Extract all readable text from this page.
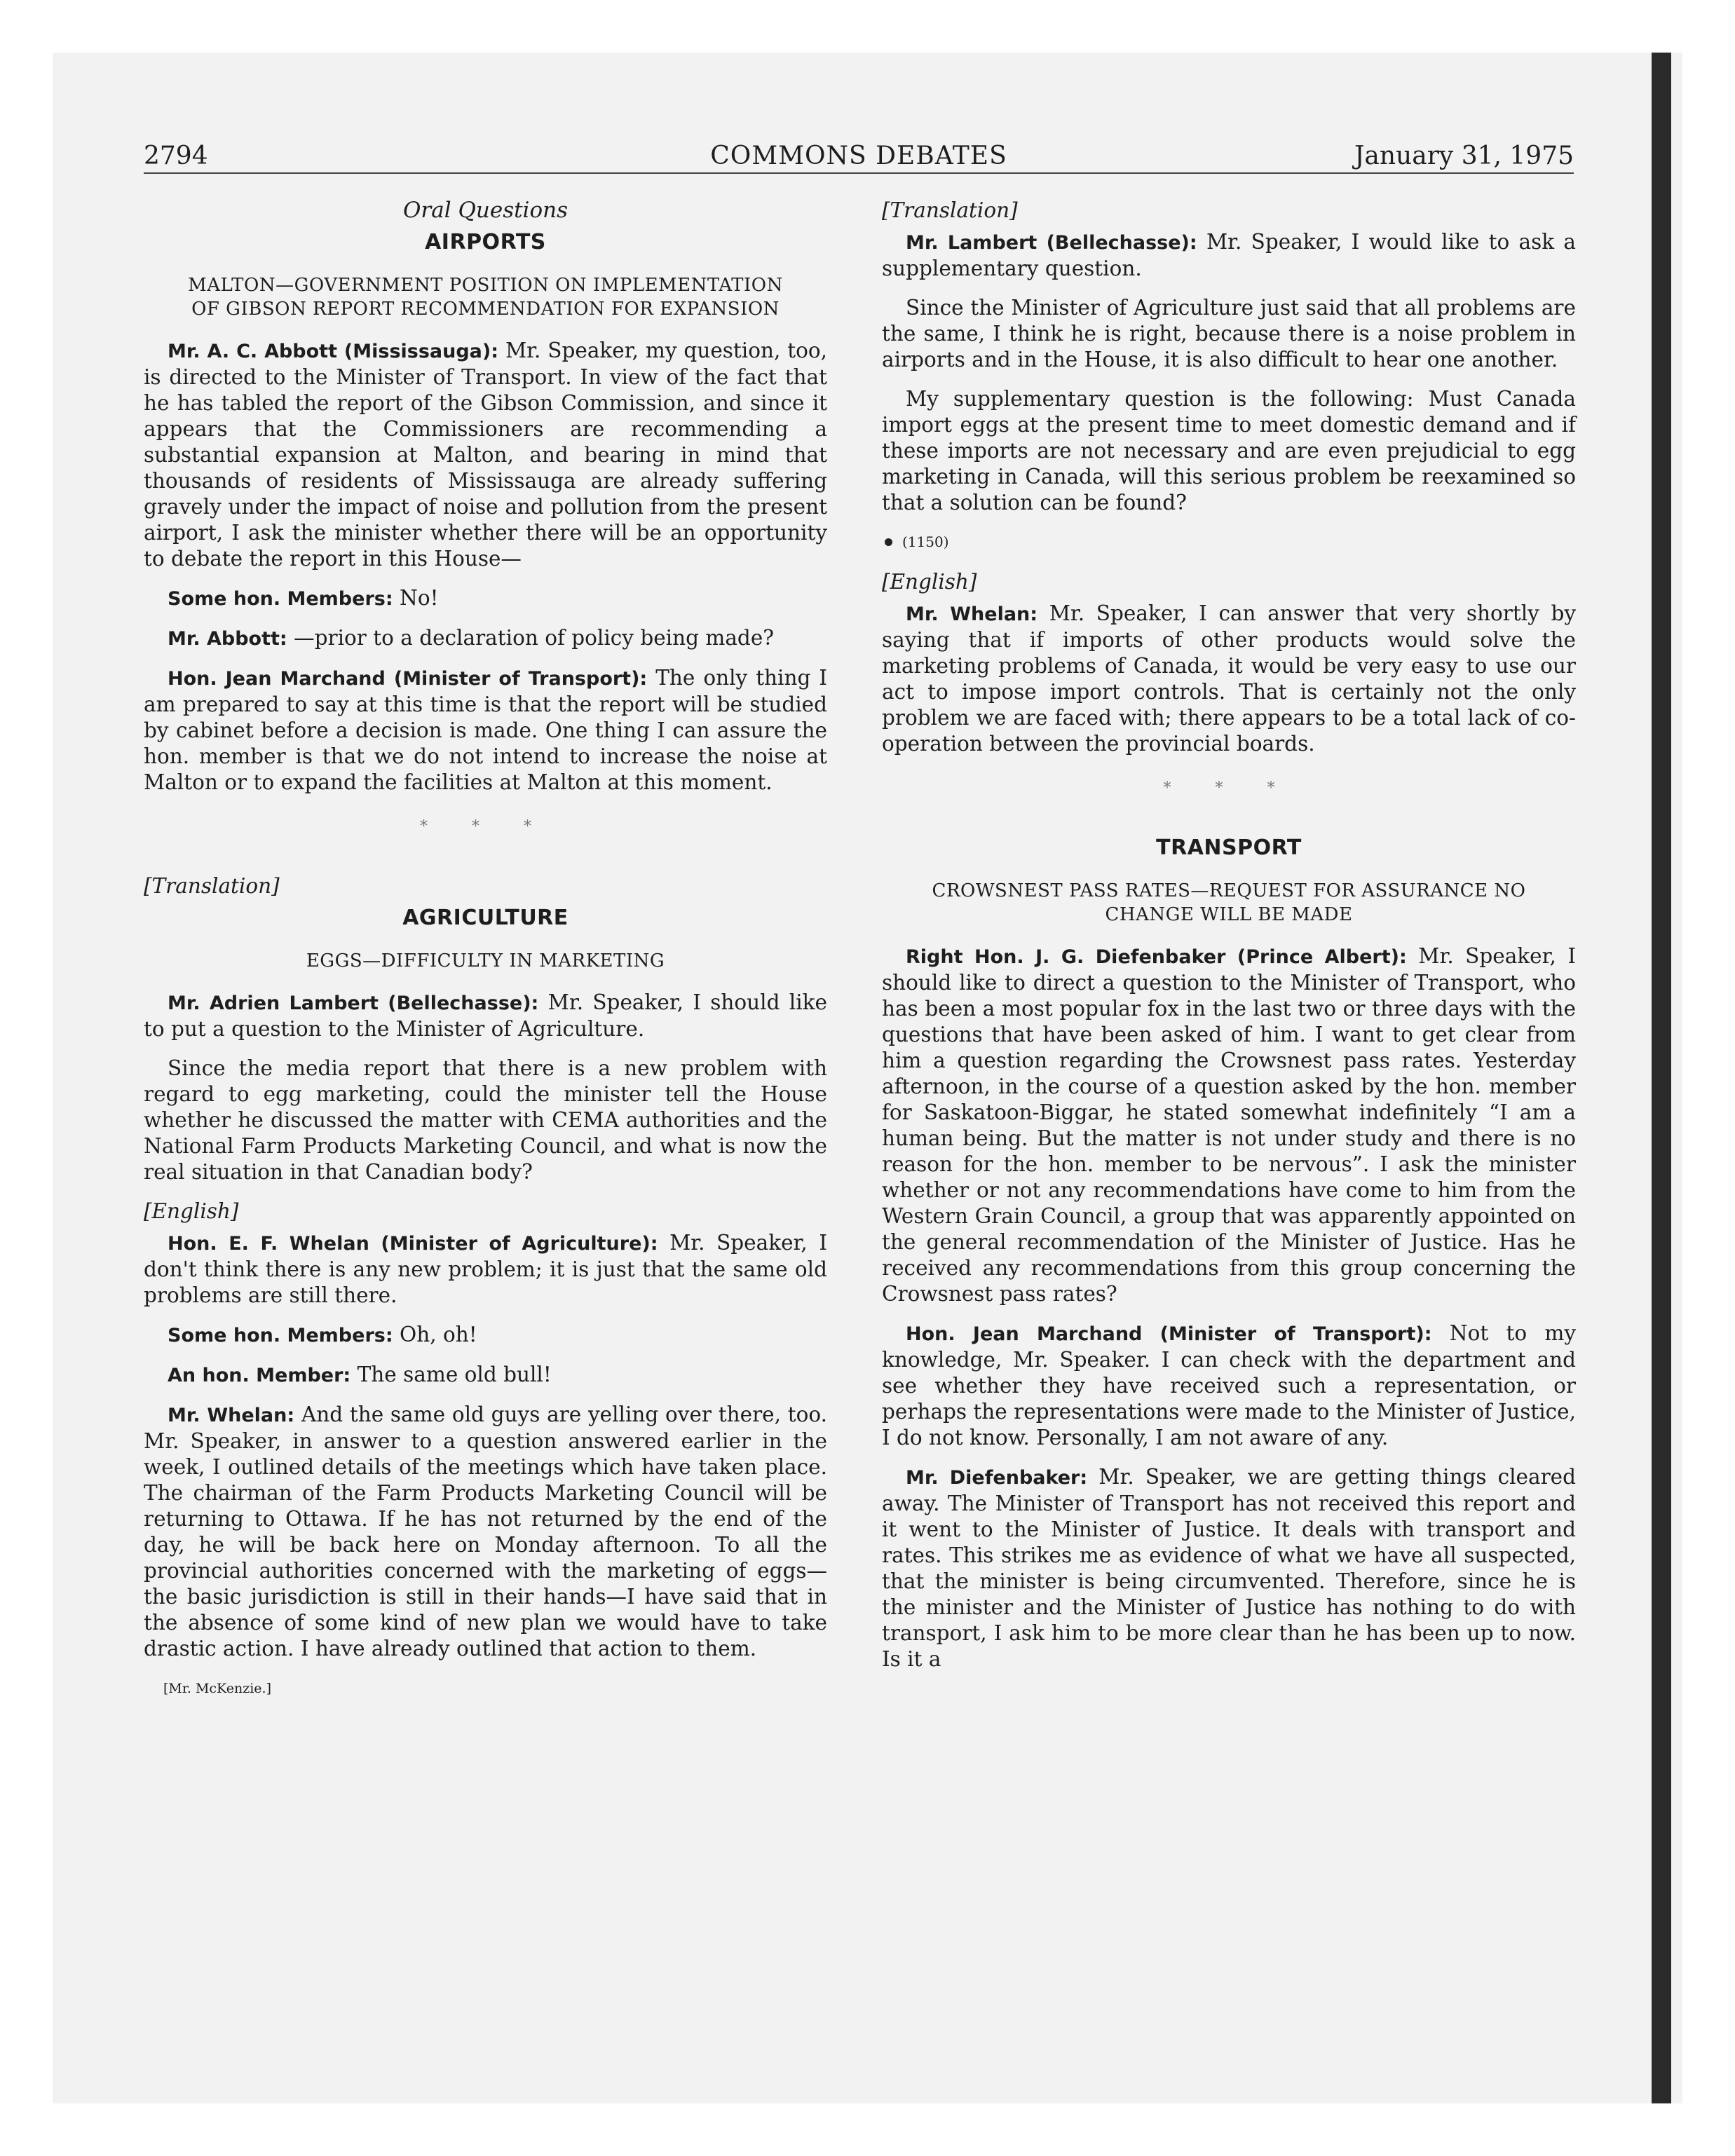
2794	COMMONS DEBATES	January 31, 1975
Oral Questions
AIRPORTS
MALTON—GOVERNMENT POSITION ON IMPLEMENTATION OF GIBSON REPORT RECOMMENDATION FOR EXPANSION

Mr. A. C. Abbott (Mississauga): Mr. Speaker, my question, too, is directed to the Minister of Transport. In view of the fact that he has tabled the report of the Gibson Commission, and since it appears that the Commissioners are recommending a substantial expansion at Malton, and bearing in mind that thousands of residents of Mississauga are already suffering gravely under the impact of noise and pollution from the present airport, I ask the minister whether there will be an opportunity to debate the report in this House—

Some hon. Members: No!

Mr. Abbott: —prior to a declaration of policy being made?

Hon. Jean Marchand (Minister of Transport): The only thing I am prepared to say at this time is that the report will be studied by cabinet before a decision is made. One thing I can assure the hon. member is that we do not intend to increase the noise at Malton or to expand the facilities at Malton at this moment.

* * *
[Translation]
AGRICULTURE
EGGS—DIFFICULTY IN MARKETING

Mr. Adrien Lambert (Bellechasse): Mr. Speaker, I should like to put a question to the Minister of Agriculture.

Since the media report that there is a new problem with regard to egg marketing, could the minister tell the House whether he discussed the matter with CEMA authorities and the National Farm Products Marketing Council, and what is now the real situation in that Canadian body?

[English]

Hon. E. F. Whelan (Minister of Agriculture): Mr. Speaker, I don't think there is any new problem; it is just that the same old problems are still there.

Some hon. Members: Oh, oh!

An hon. Member: The same old bull!

Mr. Whelan: And the same old guys are yelling over there, too. Mr. Speaker, in answer to a question answered earlier in the week, I outlined details of the meetings which have taken place. The chairman of the Farm Products Marketing Council will be returning to Ottawa. If he has not returned by the end of the day, he will be back here on Monday afternoon. To all the provincial authorities concerned with the marketing of eggs—the basic jurisdiction is still in their hands—I have said that in the absence of some kind of new plan we would have to take drastic action. I have already outlined that action to them.

[Mr. McKenzie.]
[Translation]

Mr. Lambert (Bellechasse): Mr. Speaker, I would like to ask a supplementary question.

Since the Minister of Agriculture just said that all problems are the same, I think he is right, because there is a noise problem in airports and in the House, it is also difficult to hear one another.

My supplementary question is the following: Must Canada import eggs at the present time to meet domestic demand and if these imports are not necessary and are even prejudicial to egg marketing in Canada, will this serious problem be reexamined so that a solution can be found?

(1150)
[English]

Mr. Whelan: Mr. Speaker, I can answer that very shortly by saying that if imports of other products would solve the marketing problems of Canada, it would be very easy to use our act to impose import controls. That is certainly not the only problem we are faced with; there appears to be a total lack of co-operation between the provincial boards.

* * *
TRANSPORT
CROWSNEST PASS RATES—REQUEST FOR ASSURANCE NO CHANGE WILL BE MADE

Right Hon. J. G. Diefenbaker (Prince Albert): Mr. Speaker, I should like to direct a question to the Minister of Transport, who has been a most popular fox in the last two or three days with the questions that have been asked of him. I want to get clear from him a question regarding the Crowsnest pass rates. Yesterday afternoon, in the course of a question asked by the hon. member for Saskatoon-Biggar, he stated somewhat indefinitely “I am a human being. But the matter is not under study and there is no reason for the hon. member to be nervous”. I ask the minister whether or not any recommendations have come to him from the Western Grain Council, a group that was apparently appointed on the general recommendation of the Minister of Justice. Has he received any recommendations from this group concerning the Crowsnest pass rates?

Hon. Jean Marchand (Minister of Transport): Not to my knowledge, Mr. Speaker. I can check with the department and see whether they have received such a representation, or perhaps the representations were made to the Minister of Justice, I do not know. Personally, I am not aware of any.

Mr. Diefenbaker: Mr. Speaker, we are getting things cleared away. The Minister of Transport has not received this report and it went to the Minister of Justice. It deals with transport and rates. This strikes me as evidence of what we have all suspected, that the minister is being circumvented. Therefore, since he is the minister and the Minister of Justice has nothing to do with transport, I ask him to be more clear than he has been up to now. Is it a
